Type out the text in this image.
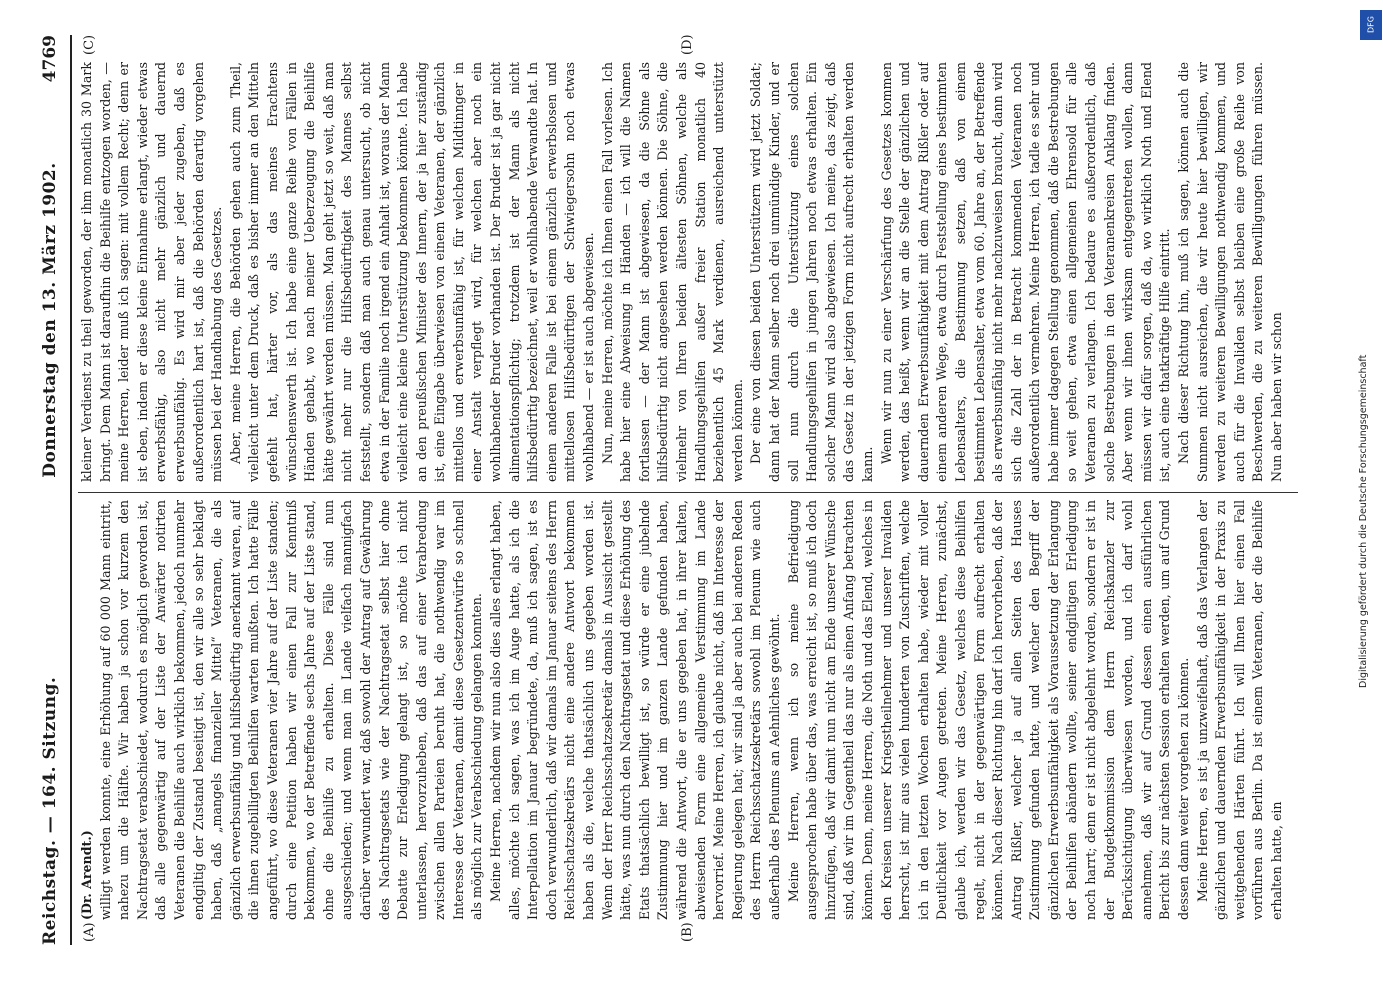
Reichstag. — 164. Sitzung.
Donnerstag den 13. März 1902.
4769
(A)	(B)
(C)	(D)

(Dr. Arendt.) willigt werden konnte, eine Erhöhung auf 60 000 Mann eintritt, nahezu um die Hälfte. Wir haben ja schon vor kurzem den Nachtragsetat verabschiedet, wodurch es möglich geworden ist, daß alle gegenwärtig auf der Liste der Anwärter notirten Veteranen die Beihilfe auch wirklich bekommen, jedoch nunmehr endgiltig der Zustand beseitigt ist, den wir alle so sehr beklagt haben, daß „mangels finanzieller Mittel“ Veteranen, die als gänzlich erwerbsunfähig und hilfsbedürftig anerkannt waren, auf die ihnen zugebilligten Beihilfen warten mußten. Ich hatte Fälle angeführt, wo diese Veteranen vier Jahre auf der Liste standen; durch eine Petition haben wir einen Fall zur Kenntniß bekommen, wo der Betreffende sechs Jahre auf der Liste stand, ohne die Beihilfe zu erhalten. Diese Fälle sind nun ausgeschieden; und wenn man im Lande vielfach mannigfach darüber verwundert war, daß sowohl der Antrag auf Gewährung des Nachtragsetats wie der Nachtragsetat selbst hier ohne Debatte zur Erledigung gelangt ist, so möchte ich nicht unterlassen, hervorzuheben, daß das auf einer Verabredung zwischen allen Parteien beruht hat, die nothwendig war im Interesse der Veteranen, damit diese Gesetzentwürfe so schnell als möglich zur Verabschiedung gelangen konnten. Meine Herren, nachdem wir nun also dies alles erlangt haben, alles, möchte ich sagen, was ich im Auge hatte, als ich die Interpellation im Januar begründete, da, muß ich sagen, ist es doch verwunderlich, daß wir damals im Januar seitens des Herrn Reichsschatzsekretärs nicht eine andere Antwort bekommen haben als die, welche thatsächlich uns gegeben worden ist. Wenn der Herr Reichsschatzsekretär damals in Aussicht gestellt hätte, was nun durch den Nachtragsetat und diese Erhöhung des Etats thatsächlich bewilligt ist, so würde er eine jubelnde Zustimmung hier und im ganzen Lande gefunden haben, während die Antwort, die er uns gegeben hat, in ihrer kalten, abweisenden Form eine allgemeine Verstimmung im Lande hervorrief. Meine Herren, ich glaube nicht, daß im Interesse der Regierung gelegen hat; wir sind ja aber auch bei anderen Reden des Herrn Reichsschatzsekretärs sowohl im Plenum wie auch außerhalb des Plenums an Aehnliches gewöhnt. Meine Herren, wenn ich so meine Befriedigung ausgesprochen habe über das, was erreicht ist, so muß ich doch hinzufügen, daß wir damit nun nicht am Ende unserer Wünsche sind, daß wir im Gegentheil das nur als einen Anfang betrachten können. Denn, meine Herren, die Noth und das Elend, welches in den Kreisen unserer Kriegstheilnehmer und unserer Invaliden herrscht, ist mir aus vielen hunderten von Zuschriften, welche ich in den letzten Wochen erhalten habe, wieder mit voller Deutlichkeit vor Augen getreten. Meine Herren, zunächst, glaube ich, werden wir das Gesetz, welches diese Beihilfen regelt, nicht in der gegenwärtigen Form aufrecht erhalten können. Nach dieser Richtung hin darf ich hervorheben, daß der Antrag Rißler, welcher ja auf allen Seiten des Hauses Zustimmung gefunden hatte, und welcher den Begriff der gänzlichen Erwerbsunfähigkeit als Voraussetzung der Erlangung der Beihilfen abändern wollte, seiner endgiltigen Erledigung noch harrt; denn er ist nicht abgelehnt worden, sondern er ist in der Budgetkommission dem Herrn Reichskanzler zur Berücksichtigung überwiesen worden, und ich darf wohl annehmen, daß wir auf Grund dessen einen ausführlichen Bericht bis zur nächsten Session erhalten werden, um auf Grund dessen dann weiter vorgehen zu können. Meine Herren, es ist ja unzweifelhaft, daß das Verlangen der gänzlichen und dauernden Erwerbsunfähigkeit in der Praxis zu weitgehenden Härten führt. Ich will Ihnen hier einen Fall vorführen aus Berlin. Da ist einem Veteranen, der die Beihilfe erhalten hatte, ein

kleiner Verdienst zu theil geworden, der ihm monatlich 30 Mark bringt. Dem Mann ist daraufhin die Beihilfe entzogen worden, — meine Herren, leider muß ich sagen: mit vollem Recht; denn er ist eben, indem er diese kleine Einnahme erlangt, wieder etwas erwerbsfähig, also nicht mehr gänzlich und dauernd erwerbsunfähig. Es wird mir aber jeder zugeben, daß es außerordentlich hart ist, daß die Behörden derartig vorgehen müssen bei der Handhabung des Gesetzes. Aber, meine Herren, die Behörden gehen auch zum Theil, vielleicht unter dem Druck, daß es bisher immer an den Mitteln gefehlt hat, härter vor, als das meines Erachtens wünschenswerth ist. Ich habe eine ganze Reihe von Fällen in Händen gehabt, wo nach meiner Ueberzeugung die Beihilfe hätte gewährt werden müssen. Man geht jetzt so weit, daß man nicht mehr nur die Hilfsbedürftigkeit des Mannes selbst feststellt, sondern daß man auch genau untersucht, ob nicht etwa in der Familie noch irgend ein Anhalt ist, woraus der Mann vielleicht eine kleine Unterstützung bekommen könnte. Ich habe an den preußischen Minister des Innern, der ja hier zuständig ist, eine Eingabe überwiesen von einem Veteranen, der gänzlich mittellos und erwerbsunfähig ist, für welchen Mildtinnger in einer Anstalt verpflegt wird, für welchen aber noch ein wohlhabender Bruder vorhanden ist. Der Bruder ist ja gar nicht alimentationspflichtig; trotzdem ist der Mann als nicht hilfsbedürftig bezeichnet, weil er wohlhabende Verwandte hat. In einem anderen Falle ist bei einem gänzlich erwerbslosen und mittellosen Hilfsbedürftigen der Schwiegersohn noch etwas wohlhabend — er ist auch abgewiesen. Nun, meine Herren, möchte ich Ihnen einen Fall vorlesen. Ich habe hier eine Abweisung in Händen — ich will die Namen fortlassen — der Mann ist abgewiesen, da die Söhne als hilfsbedürftig nicht angesehen werden können. Die Söhne, die vielmehr von Ihren beiden ältesten Söhnen, welche als Handlungsgehilfen außer freier Station monatlich 40 beziehentlich 45 Mark verdienen, ausreichend unterstützt werden können. Der eine von diesen beiden Unterstützern wird jetzt Soldat; dann hat der Mann selber noch drei unmündige Kinder, und er soll nun durch die Unterstützung eines solchen Handlungsgehilfen in jungen Jahren noch etwas erhalten. Ein solcher Mann wird also abgewiesen. Ich meine, das zeigt, daß das Gesetz in der jetzigen Form nicht aufrecht erhalten werden kann.

Wenn wir nun zu einer Verschärfung des Gesetzes kommen werden, das heißt, wenn wir an die Stelle der gänzlichen und dauernden Erwerbsunfähigkeit mit dem Antrag Rißler oder auf einem anderen Wege, etwa durch Feststellung eines bestimmten Lebensalters, die Bestimmung setzen, daß von einem bestimmten Lebensalter, etwa vom 60. Jahre an, der Betreffende als erwerbsunfähig nicht mehr nachzuweisen braucht, dann wird sich die Zahl der in Betracht kommenden Veteranen noch außerordentlich vermehren. Meine Herren, ich tadle es sehr und habe immer dagegen Stellung genommen, daß die Bestrebungen so weit gehen, etwa einen allgemeinen Ehrensold für alle Veteranen zu verlangen. Ich bedaure es außerordentlich, daß solche Bestrebungen in den Veteranenkreisen Anklang finden. Aber wenn wir ihnen wirksam entgegentreten wollen, dann müssen wir dafür sorgen, daß da, wo wirklich Noth und Elend ist, auch eine thatkräftige Hilfe eintritt. Nach dieser Richtung hin, muß ich sagen, können auch die Summen nicht ausreichen, die wir heute hier bewilligen, wir werden zu weiteren Bewilligungen nothwendig kommen, und auch für die Invaliden selbst bleiben eine große Reihe von Beschwerden, die zu weiteren Bewilligungen führen müssen. Nun aber haben wir schon

DFG
Digitalisierung gefördert durch die Deutsche Forschungsgemeinschaft
